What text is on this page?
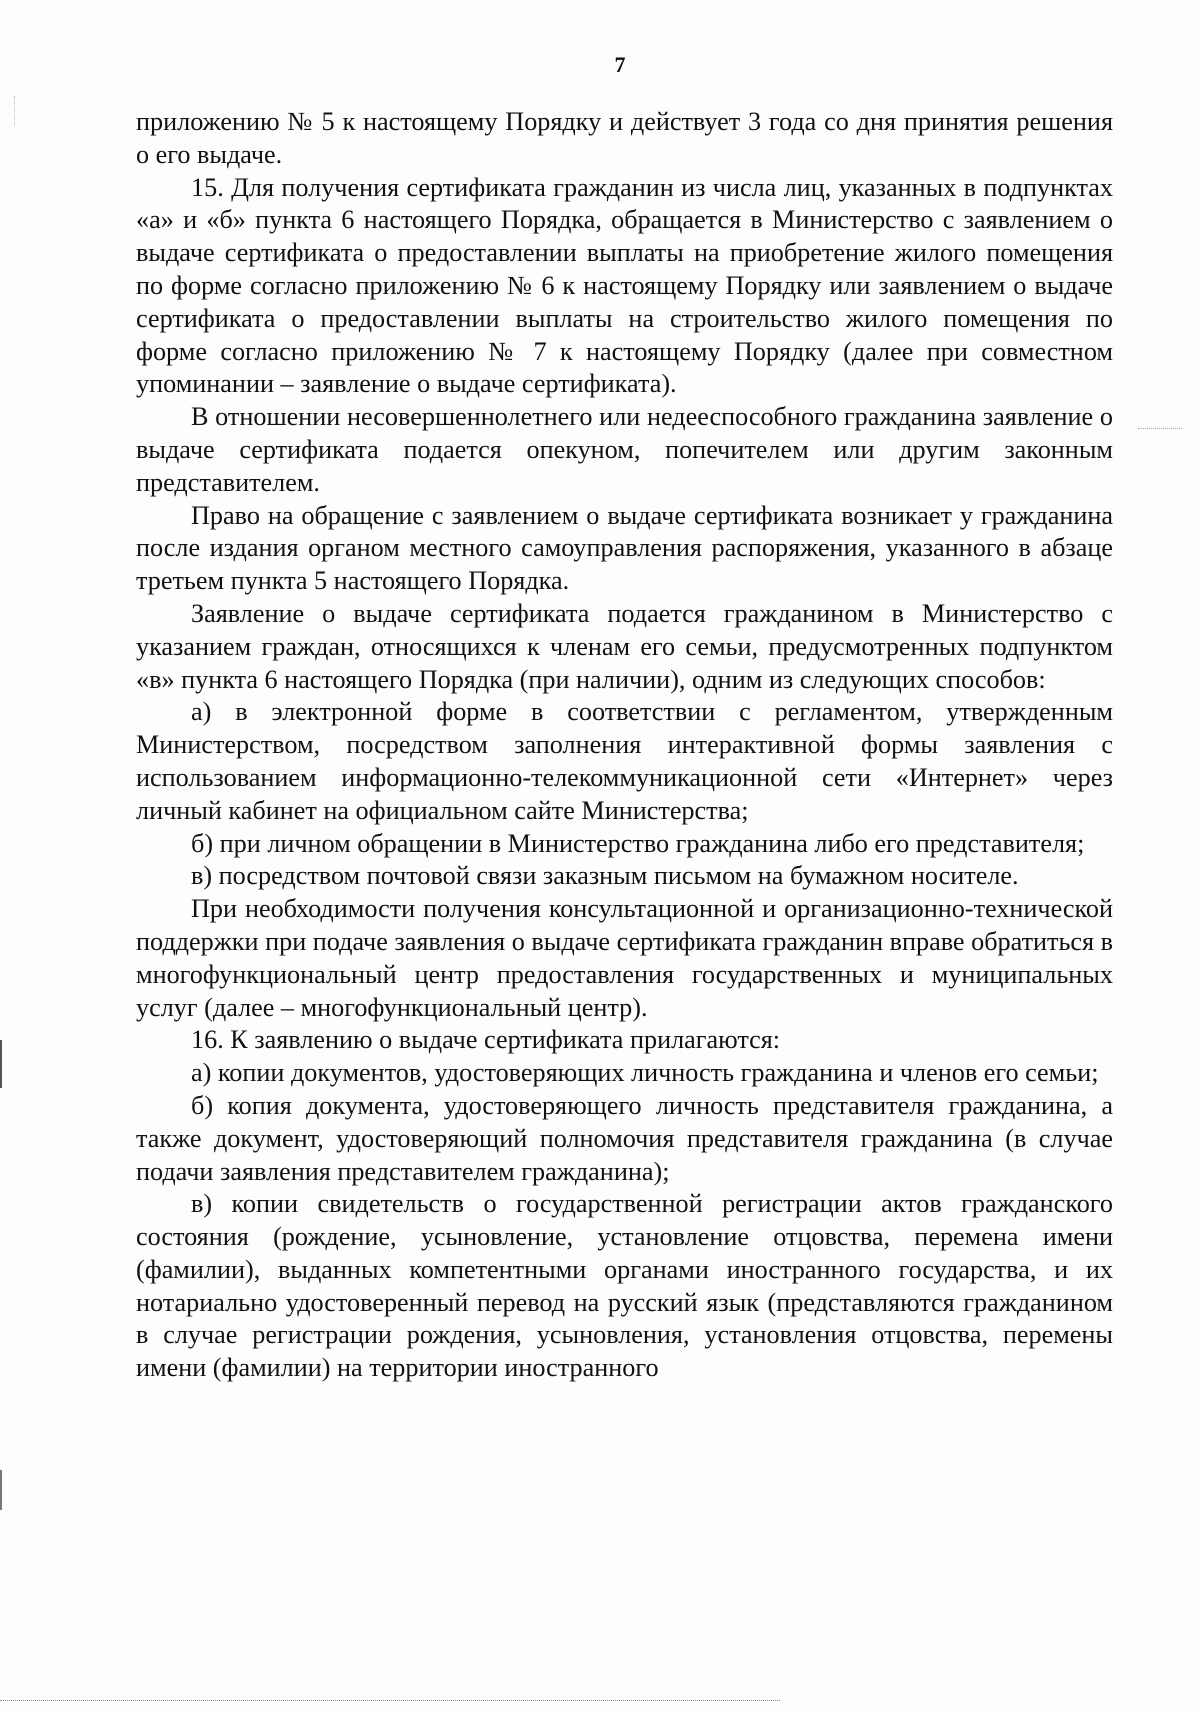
7

приложению № 5 к настоящему Порядку и действует 3 года со дня принятия решения о его выдаче.

15. Для получения сертификата гражданин из числа лиц, указанных в подпунктах «а» и «б» пункта 6 настоящего Порядка, обращается в Министерство с заявлением о выдаче сертификата о предоставлении выплаты на приобретение жилого помещения по форме согласно приложению № 6 к настоящему Порядку или заявлением о выдаче сертификата о предоставлении выплаты на строительство жилого помещения по форме согласно приложению № 7 к настоящему Порядку (далее при совместном упоминании – заявление о выдаче сертификата).

В отношении несовершеннолетнего или недееспособного гражданина заявление о выдаче сертификата подается опекуном, попечителем или другим законным представителем.

Право на обращение с заявлением о выдаче сертификата возникает у гражданина после издания органом местного самоуправления распоряжения, указанного в абзаце третьем пункта 5 настоящего Порядка.

Заявление о выдаче сертификата подается гражданином в Министерство с указанием граждан, относящихся к членам его семьи, предусмотренных подпунктом «в» пункта 6 настоящего Порядка (при наличии), одним из следующих способов:

а) в электронной форме в соответствии с регламентом, утвержденным Министерством, посредством заполнения интерактивной формы заявления с использованием информационно-телекоммуникационной сети «Интернет» через личный кабинет на официальном сайте Министерства;

б) при личном обращении в Министерство гражданина либо его представителя;

в) посредством почтовой связи заказным письмом на бумажном носителе.

При необходимости получения консультационной и организационно-технической поддержки при подаче заявления о выдаче сертификата гражданин вправе обратиться в многофункциональный центр предоставления государственных и муниципальных услуг (далее – многофункциональный центр).

16. К заявлению о выдаче сертификата прилагаются:

а) копии документов, удостоверяющих личность гражданина и членов его семьи;

б) копия документа, удостоверяющего личность представителя гражданина, а также документ, удостоверяющий полномочия представителя гражданина (в случае подачи заявления представителем гражданина);

в) копии свидетельств о государственной регистрации актов гражданского состояния (рождение, усыновление, установление отцовства, перемена имени (фамилии), выданных компетентными органами иностранного государства, и их нотариально удостоверенный перевод на русский язык (представляются гражданином в случае регистрации рождения, усыновления, установления отцовства, перемены имени (фамилии) на территории иностранного
